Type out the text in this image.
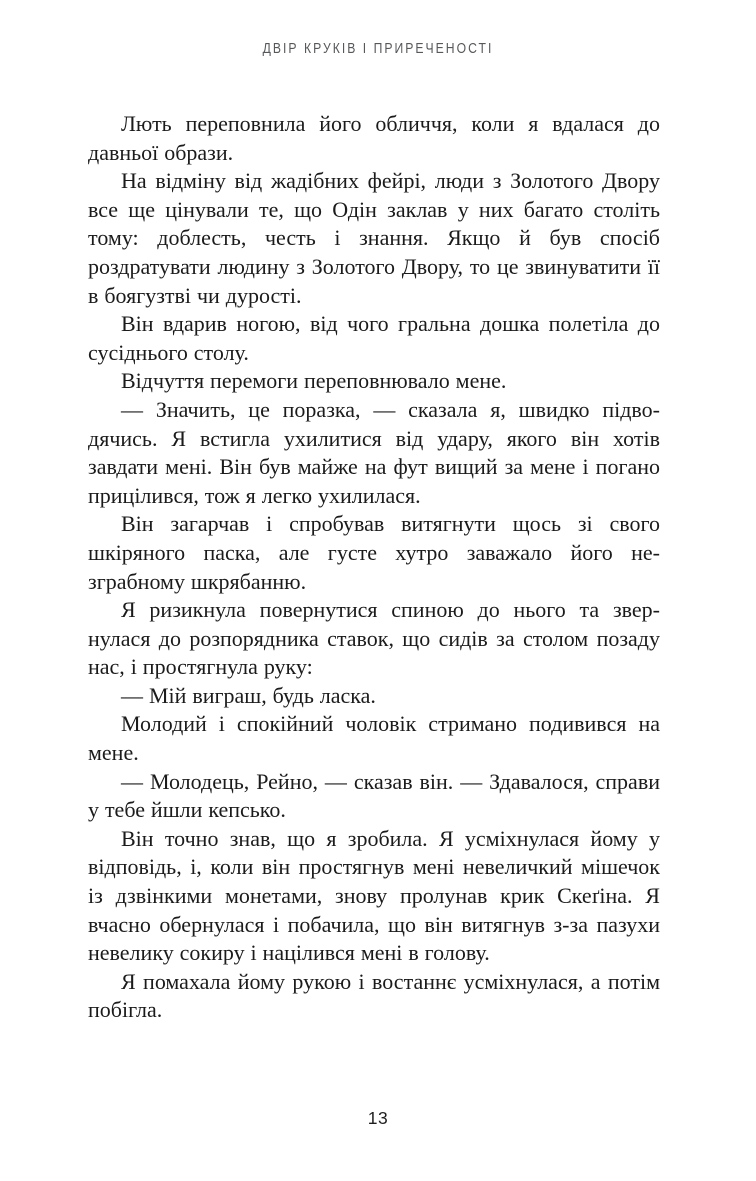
ДВІР КРУКІВ І ПРИРЕЧЕНОСТІ

Лють переповнила його обличчя, коли я вдалася до давньої образи.

На відміну від жадібних фейрі, люди з Золотого Двору все ще цінували те, що Одін заклав у них багато століть тому: доблесть, честь і знання. Якщо й був спосіб роздратувати людину з Золотого Двору, то це звинуватити її в боягузтві чи дурості.

Він вдарив ногою, від чого гральна дошка полетіла до сусіднього столу.

Відчуття перемоги переповнювало мене.

— Значить, це поразка, — сказала я, швидко підводячись. Я встигла ухилитися від удару, якого він хотів завдати мені. Він був майже на фут вищий за мене і погано прицілився, тож я легко ухилилася.

Він загарчав і спробував витягнути щось зі свого шкіряного паска, але густе хутро заважало його незграбному шкрябанню.

Я ризикнула повернутися спиною до нього та звернулася до розпорядника ставок, що сидів за столом позаду нас, і простягнула руку:

— Мій виграш, будь ласка.

Молодий і спокійний чоловік стримано подивився на мене.

— Молодець, Рейно, — сказав він. — Здавалося, справи у тебе йшли кепсько.

Він точно знав, що я зробила. Я усміхнулася йому у відповідь, і, коли він простягнув мені невеличкий мішечок із дзвінкими монетами, знову пролунав крик Скеґіна. Я вчасно обернулася і побачила, що він витягнув з-за пазухи невелику сокиру і націлився мені в голову.

Я помахала йому рукою і востаннє усміхнулася, а потім побігла.

13
